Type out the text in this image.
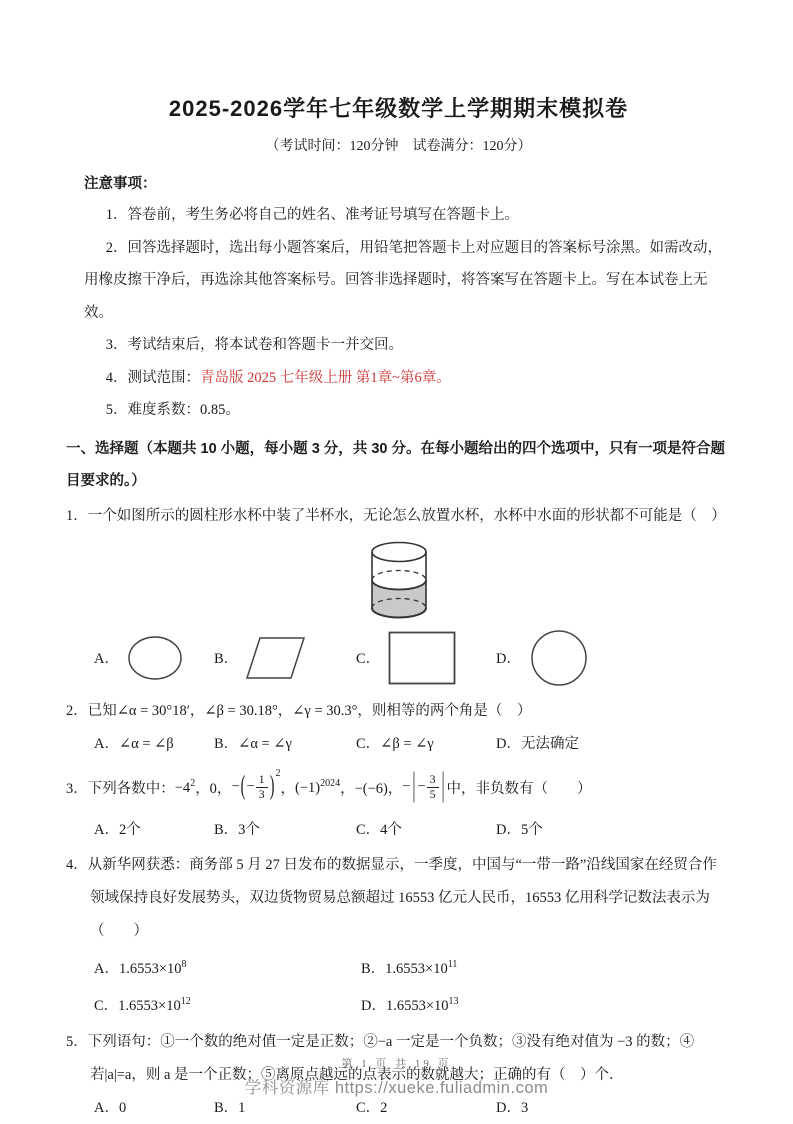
2025-2026学年七年级数学上学期期末模拟卷

（考试时间：120分钟　试卷满分：120分）

注意事项：

1．答卷前，考生务必将自己的姓名、准考证号填写在答题卡上。

2．回答选择题时，选出每小题答案后，用铅笔把答题卡上对应题目的答案标号涂黑。如需改动，用橡皮擦干净后，再选涂其他答案标号。回答非选择题时，将答案写在答题卡上。写在本试卷上无效。

3．考试结束后，将本试卷和答题卡一并交回。

4．测试范围：青岛版 2025 七年级上册 第1章~第6章。

5．难度系数：0.85。

一、选择题（本题共 10 小题，每小题 3 分，共 30 分。在每小题给出的四个选项中，只有一项是符合题目要求的。）

1．一个如图所示的圆柱形水杯中装了半杯水，无论怎么放置水杯，水杯中水面的形状都不可能是（　）

A．	B．	C．	D．

2．已知∠α = 30°18′，∠β = 30.18°，∠γ = 30.3°，则相等的两个角是（　）

A．∠α = ∠β	B．∠α = ∠γ	C．∠β = ∠γ	D．无法确定
3．下列各数中： $-4^2$ ，0， −(− $\frac{1}{3} )^2$
， $(-1)^{2024}$ ，−(−6)， − | − $\frac{3}{5}$ | 中，非负数有（　　）
A．2个	B．3个	C．4个	D．5个

4．从新华网获悉：商务部 5 月 27 日发布的数据显示，一季度，中国与“一带一路”沿线国家在经贸合作领域保持良好发展势头，双边货物贸易总额超过 16553 亿元人民币，16553 亿用科学记数法表示为（　　）

A．$1.6553\times 10^8$	B．$1.6553\times 10^{11}$
C．$1.6553\times 10^{12}$	D．$1.6553\times 10^{13}$

5．下列语句：①一个数的绝对值一定是正数；②−a 一定是一个负数；③没有绝对值为 −3 的数；④若|a|=a，则 a 是一个正数；⑤离原点越远的点表示的数就越大；正确的有（　）个．

A．0	B．1	C．2	D．3
第 1 页 共 19 页
学科资源库 https://xueke.fuliadmin.com
